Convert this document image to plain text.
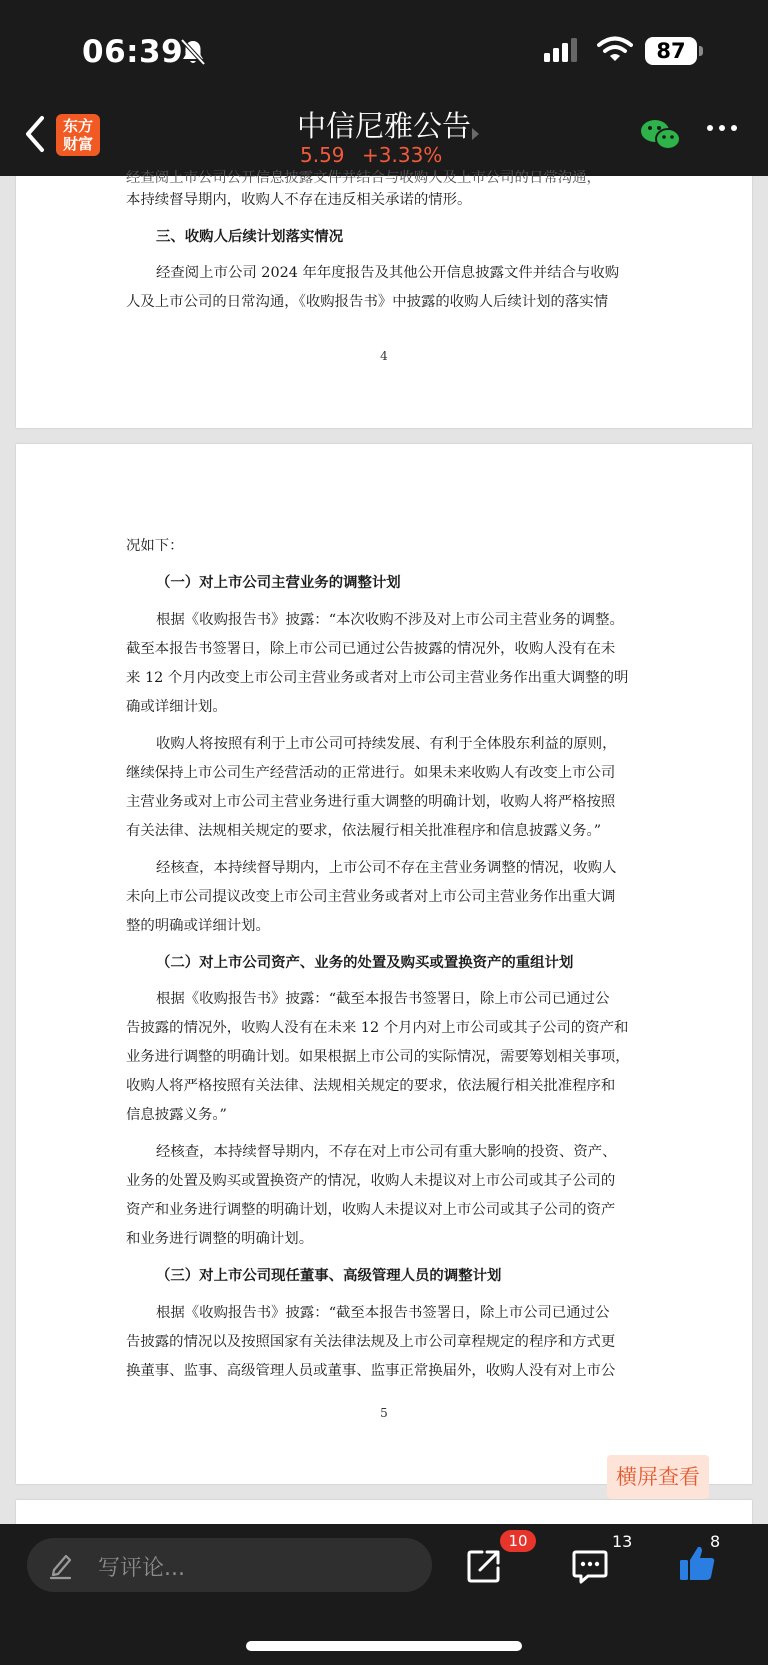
06:39	87
东方
财富
中信尼雅公告
5.59 +3.33%
经查阅上市公司公开信息披露文件并结合与收购人及上市公司的日常沟通，
本持续督导期内，收购人不存在违反相关承诺的情形。
三、收购人后续计划落实情况
经查阅上市公司 2024 年年度报告及其他公开信息披露文件并结合与收购
人及上市公司的日常沟通，《收购报告书》中披露的收购人后续计划的落实情
4
况如下：
（一）对上市公司主营业务的调整计划
根据《收购报告书》披露：“本次收购不涉及对上市公司主营业务的调整。
截至本报告书签署日，除上市公司已通过公告披露的情况外，收购人没有在未
来 12 个月内改变上市公司主营业务或者对上市公司主营业务作出重大调整的明
确或详细计划。
收购人将按照有利于上市公司可持续发展、有利于全体股东利益的原则，
继续保持上市公司生产经营活动的正常进行。如果未来收购人有改变上市公司
主营业务或对上市公司主营业务进行重大调整的明确计划，收购人将严格按照
有关法律、法规相关规定的要求，依法履行相关批准程序和信息披露义务。”
经核查，本持续督导期内，上市公司不存在主营业务调整的情况，收购人
未向上市公司提议改变上市公司主营业务或者对上市公司主营业务作出重大调
整的明确或详细计划。
（二）对上市公司资产、业务的处置及购买或置换资产的重组计划
根据《收购报告书》披露：“截至本报告书签署日，除上市公司已通过公
告披露的情况外，收购人没有在未来 12 个月内对上市公司或其子公司的资产和
业务进行调整的明确计划。如果根据上市公司的实际情况，需要筹划相关事项，
收购人将严格按照有关法律、法规相关规定的要求，依法履行相关批准程序和
信息披露义务。”
经核查，本持续督导期内，不存在对上市公司有重大影响的投资、资产、
业务的处置及购买或置换资产的情况，收购人未提议对上市公司或其子公司的
资产和业务进行调整的明确计划，收购人未提议对上市公司或其子公司的资产
和业务进行调整的明确计划。
（三）对上市公司现任董事、高级管理人员的调整计划
根据《收购报告书》披露：“截至本报告书签署日，除上市公司已通过公
告披露的情况以及按照国家有关法律法规及上市公司章程规定的程序和方式更
换董事、监事、高级管理人员或董事、监事正常换届外，收购人没有对上市公
5
横屏查看
写评论...
10	13	8
